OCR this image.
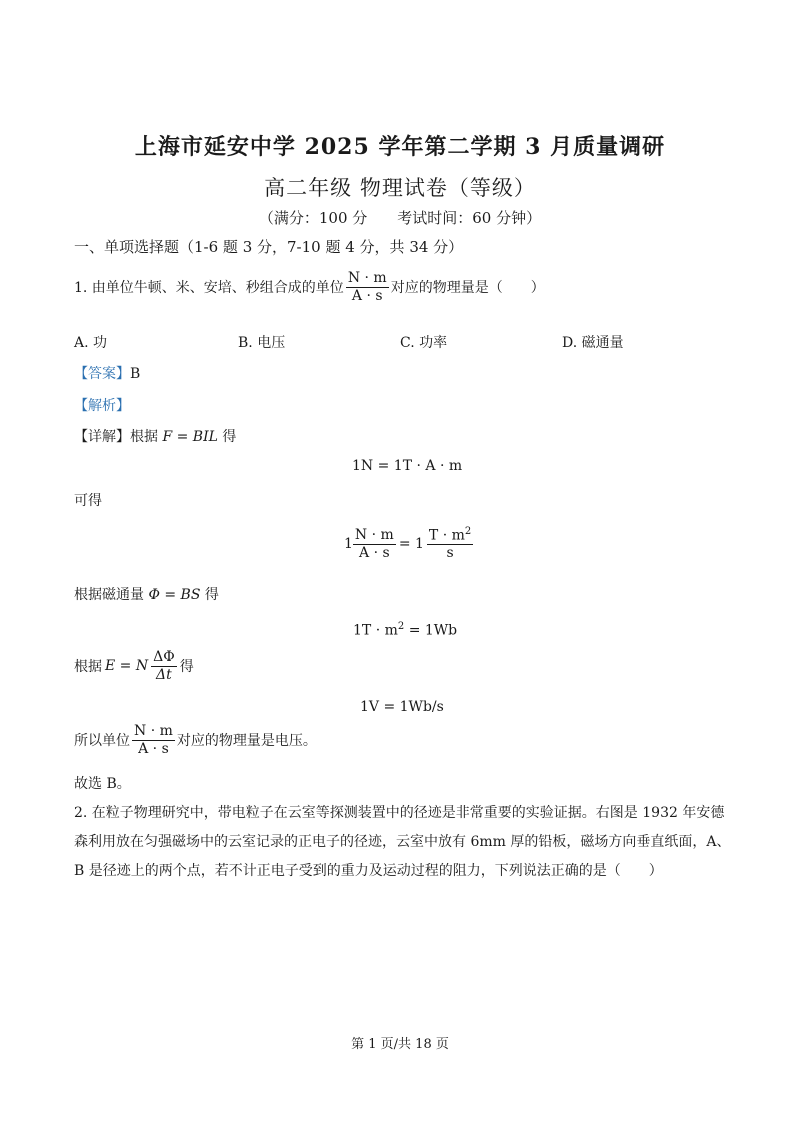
上海市延安中学 2025 学年第二学期 3 月质量调研
高二年级 物理试卷（等级）
（满分：100 分　　考试时间：60 分钟）
一、单项选择题（1-6 题 3 分，7-10 题 4 分，共 34 分）
1. 由单位牛顿、米、安培、秒组合成的单位 $\frac{N \cdot m}{A \cdot s}$ 对应的物理量是（　　）
A. 功	B. 电压	C. 功率	D. 磁通量
【答案】B
【解析】
【详解】根据 F = BIL 得
1N = 1T · A · m
可得
$1 \frac{N \cdot m}{A \cdot s} = 1 \frac{T \cdot m^2}{s}$
根据磁通量 Φ = BS 得
$1T \cdot m^2 = 1Wb$
根据 E = N $\frac{\Delta\Phi}{\Delta t}$ 得
1V = 1Wb/s
所以单位 $\frac{N \cdot m}{A \cdot s}$ 对应的物理量是电压。
故选 B。
2. 在粒子物理研究中，带电粒子在云室等探测装置中的径迹是非常重要的实验证据。右图是 1932 年安德森利用放在匀强磁场中的云室记录的正电子的径迹，云室中放有 6mm 厚的铅板，磁场方向垂直纸面，A、B 是径迹上的两个点，若不计正电子受到的重力及运动过程的阻力，下列说法正确的是（　　）
第 1 页/共 18 页
